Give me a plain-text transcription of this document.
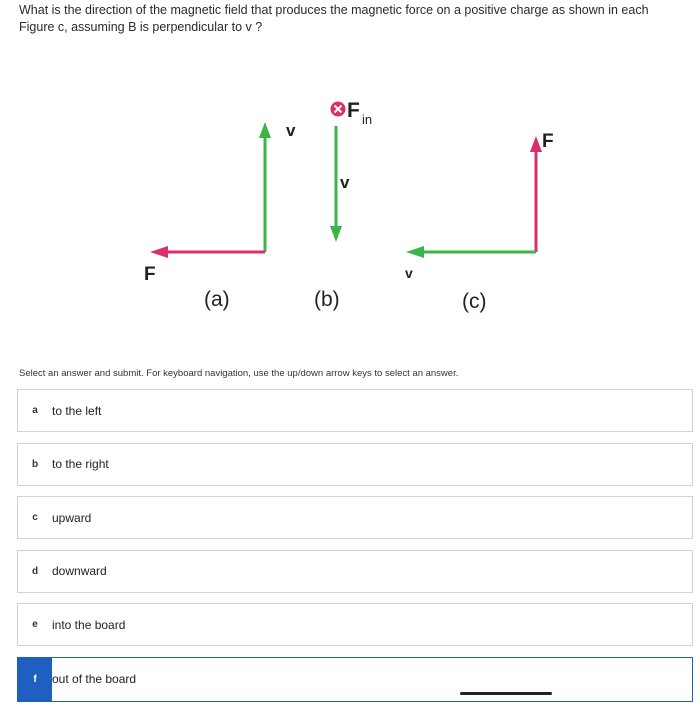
What is the direction of the magnetic field that produces the magnetic force on a positive charge as shown in each Figure c, assuming B is perpendicular to v ?
v
F
(a)
F in
v
(b)
F
v
(c)
Select an answer and submit. For keyboard navigation, use the up/down arrow keys to select an answer.
a	to the left
b	to the right
c	upward
d	downward
e	into the board
f	out of the board
